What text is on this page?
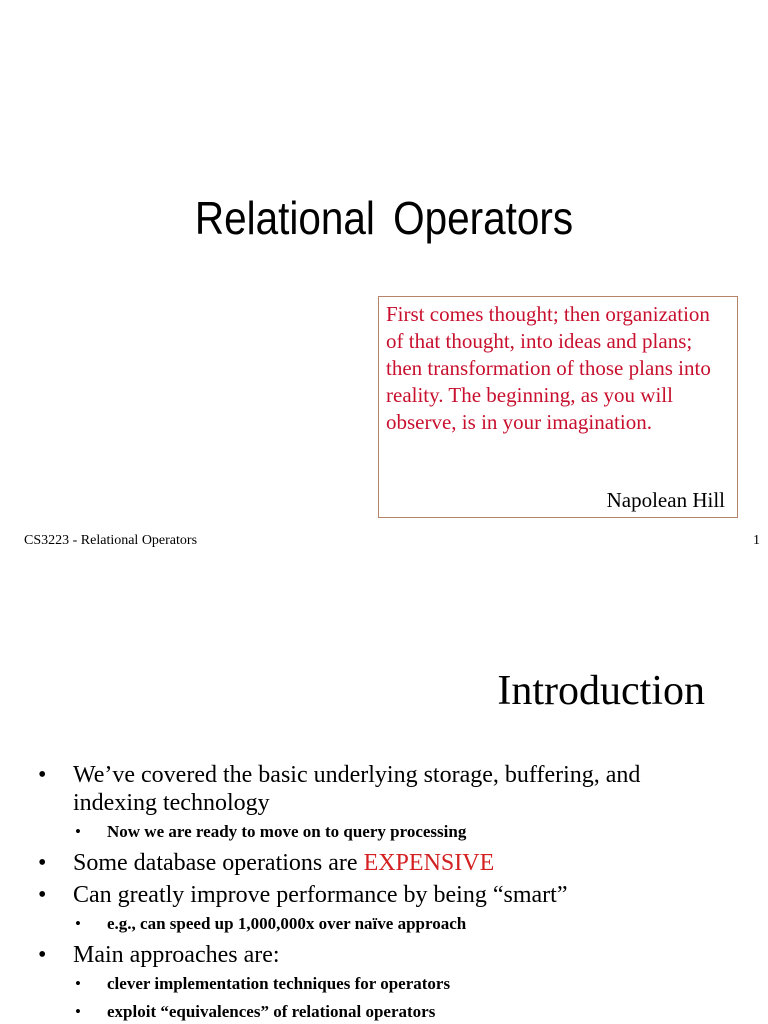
Relational Operators

First comes thought; then organization of that thought, into ideas and plans; then transformation of those plans into reality. The beginning, as you will observe, is in your imagination.

Napolean Hill
CS3223 - Relational Operators	1
Introduction
• We’ve covered the basic underlying storage, buffering, and indexing technology
• Now we are ready to move on to query processing
• Some database operations are EXPENSIVE
• Can greatly improve performance by being “smart”
• e.g., can speed up 1,000,000x over naïve approach
• Main approaches are:
• clever implementation techniques for operators
• exploit “equivalences” of relational operators
